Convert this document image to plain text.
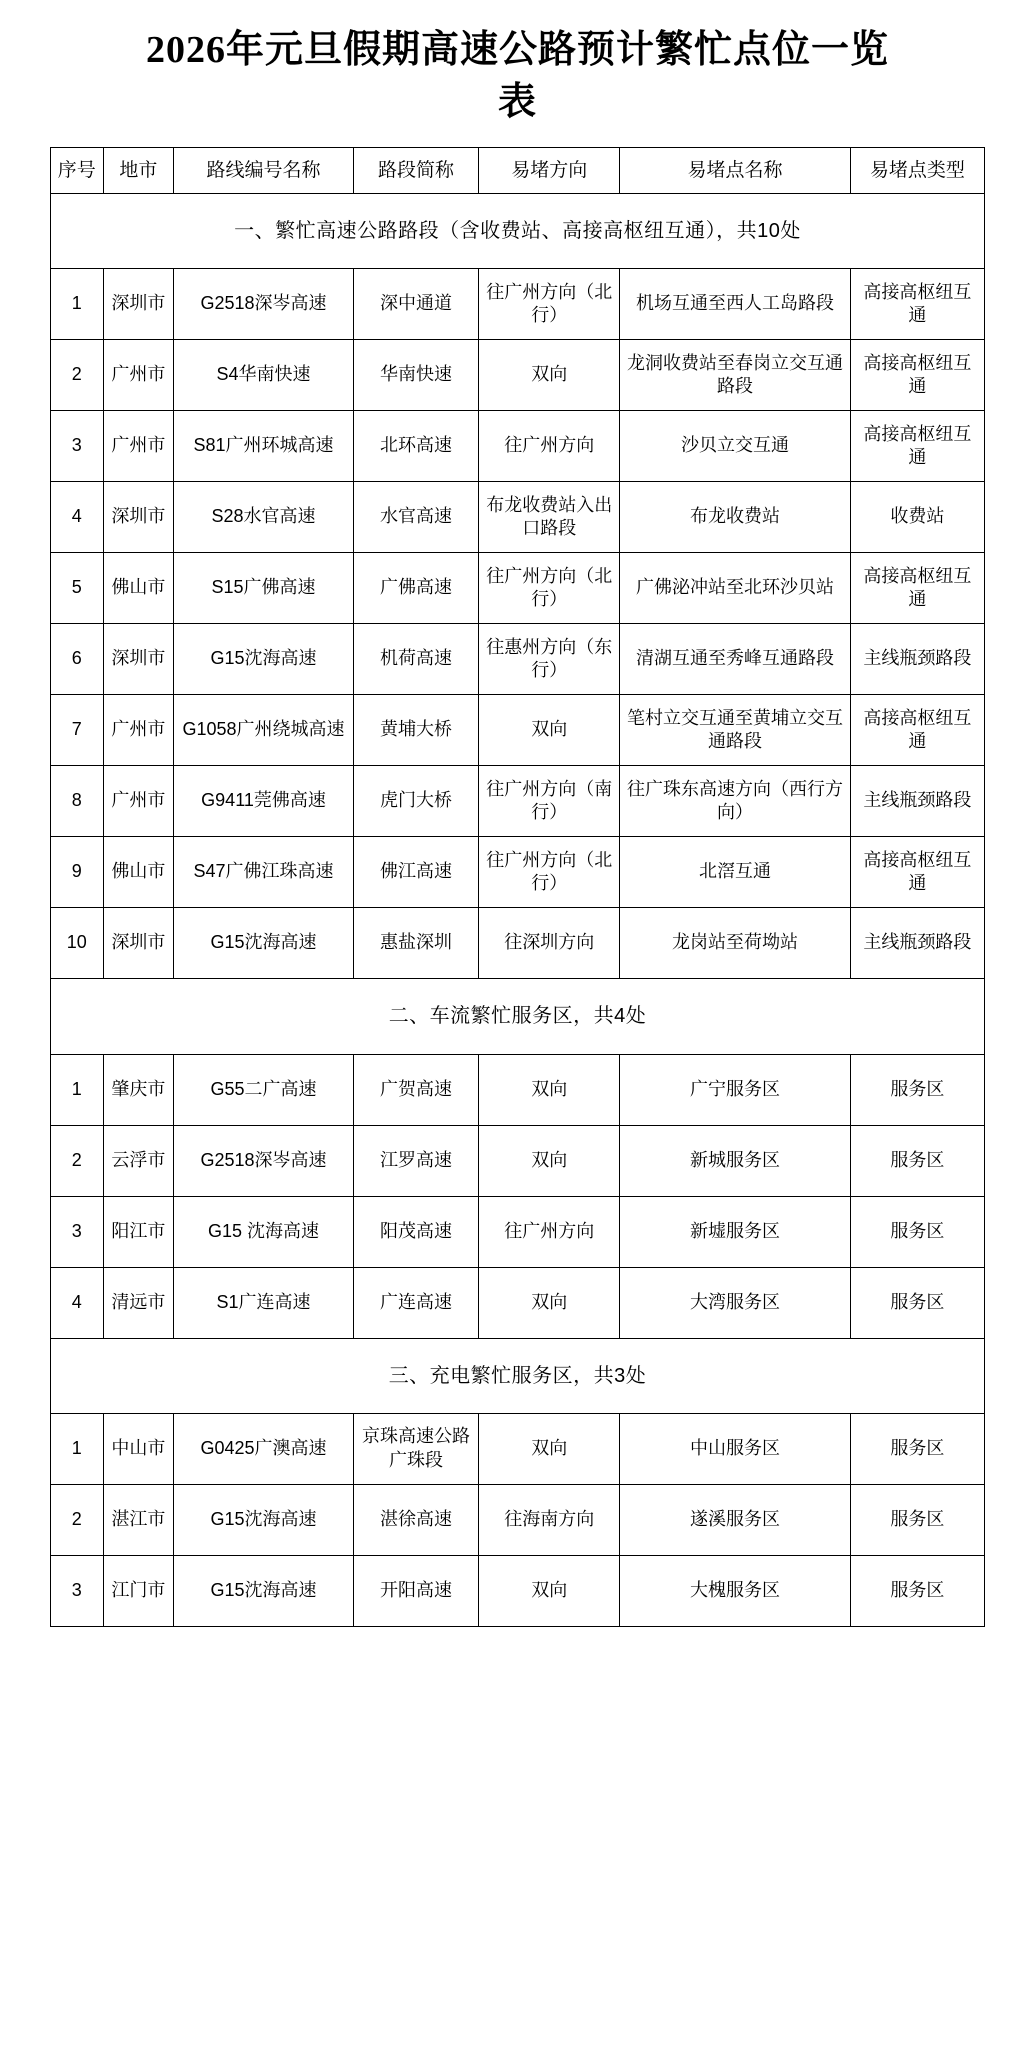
2026年元旦假期高速公路预计繁忙点位一览表
序号	地市	路线编号名称	路段简称	易堵方向	易堵点名称	易堵点类型
一、繁忙高速公路路段（含收费站、高接高枢纽互通），共10处						
1	深圳市	G2518深岑高速	深中通道	往广州方向（北行）	机场互通至西人工岛路段	高接高枢纽互通
2	广州市	S4华南快速	华南快速	双向	龙洞收费站至春岗立交互通路段	高接高枢纽互通
3	广州市	S81广州环城高速	北环高速	往广州方向	沙贝立交互通	高接高枢纽互通
4	深圳市	S28水官高速	水官高速	布龙收费站入出口路段	布龙收费站	收费站
5	佛山市	S15广佛高速	广佛高速	往广州方向（北行）	广佛泌冲站至北环沙贝站	高接高枢纽互通
6	深圳市	G15沈海高速	机荷高速	往惠州方向（东行）	清湖互通至秀峰互通路段	主线瓶颈路段
7	广州市	G1058广州绕城高速	黄埔大桥	双向	笔村立交互通至黄埔立交互通路段	高接高枢纽互通
8	广州市	G9411莞佛高速	虎门大桥	往广州方向（南行）	往广珠东高速方向（西行方向）	主线瓶颈路段
9	佛山市	S47广佛江珠高速	佛江高速	往广州方向（北行）	北滘互通	高接高枢纽互通
10	深圳市	G15沈海高速	惠盐深圳	往深圳方向	龙岗站至荷坳站	主线瓶颈路段
二、车流繁忙服务区，共4处						
1	肇庆市	G55二广高速	广贺高速	双向	广宁服务区	服务区
2	云浮市	G2518深岑高速	江罗高速	双向	新城服务区	服务区
3	阳江市	G15 沈海高速	阳茂高速	往广州方向	新墟服务区	服务区
4	清远市	S1广连高速	广连高速	双向	大湾服务区	服务区
三、充电繁忙服务区，共3处						
1	中山市	G0425广澳高速	京珠高速公路广珠段	双向	中山服务区	服务区
2	湛江市	G15沈海高速	湛徐高速	往海南方向	遂溪服务区	服务区
3	江门市	G15沈海高速	开阳高速	双向	大槐服务区	服务区
